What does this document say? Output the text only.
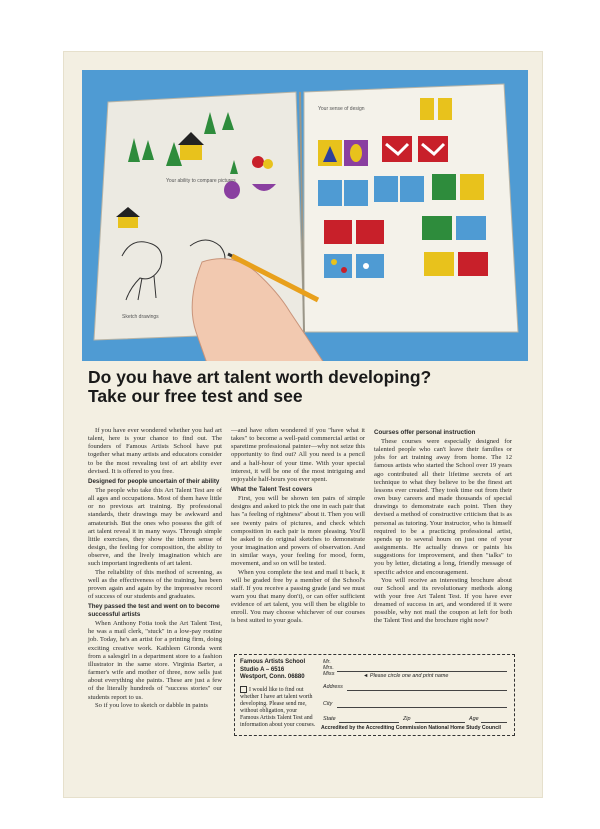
Your ability to compare pictures
Sketch drawings
Your sense of design
Do you have art talent worth developing?
Take our free test and see

If you have ever wondered whether you had art talent, here is your chance to find out. The founders of Famous Artists School have put together what many artists and educators consider to be the most revealing test of art ability ever devised. It is offered to you free.

Designed for people uncertain of their ability

The people who take this Art Talent Test are of all ages and occupations. Most of them have little or no previous art training. By professional standards, their drawings may be awkward and amateurish. But the ones who possess the gift of art talent reveal it in many ways. Through simple little exercises, they show the inborn sense of design, the feeling for composition, the ability to observe, and the lively imagination which are such important ingredients of art talent.

The reliability of this method of screening, as well as the effectiveness of the training, has been proven again and again by the impressive record of success of our students and graduates.

They passed the test and went on to become successful artists

When Anthony Fotia took the Art Talent Test, he was a mail clerk, "stuck" in a low-pay routine job. Today, he's an artist for a printing firm, doing exciting creative work. Kathleen Gironda went from a salesgirl in a department store to a fashion illustrator in the same store. Virginia Barter, a farmer's wife and mother of three, now sells just about everything she paints. These are just a few of the literally hundreds of "success stories" our students report to us.

So if you love to sketch or dabble in paints

—and have often wondered if you "have what it takes" to become a well-paid commercial artist or sparetime professional painter—why not seize this opportunity to find out? All you need is a pencil and a half-hour of your time. With your special interest, it will be one of the most intriguing and enjoyable half-hours you ever spent.

What the Talent Test covers

First, you will be shown ten pairs of simple designs and asked to pick the one in each pair that has "a feeling of rightness" about it. Then you will see twenty pairs of pictures, and check which composition in each pair is more pleasing. You'll be asked to do original sketches to demonstrate your imagination and powers of observation. And in similar ways, your feeling for mood, form, movement, and so on will be tested.

When you complete the test and mail it back, it will be graded free by a member of the School's staff. If you receive a passing grade (and we must warn you that many don't), or can offer sufficient evidence of art talent, you will then be eligible to enroll. You may choose whichever of our courses is best suited to your goals.

Courses offer personal instruction

These courses were especially designed for talented people who can't leave their families or jobs for art training away from home. The 12 famous artists who started the School over 19 years ago contributed all their lifetime secrets of art technique to what they believe to be the finest art lessons ever created. They took time out from their own busy careers and made thousands of special drawings to demonstrate each point. Then they devised a method of constructive criticism that is as personal as tutoring. Your instructor, who is himself required to be a practicing professional artist, spends up to several hours on just one of your assignments. He actually draws or paints his suggestions for improvement, and then "talks" to you by letter, dictating a long, friendly message of specific advice and encouragement.

You will receive an interesting brochure about our School and its revolutionary methods along with your free Art Talent Test. If you have ever dreamed of success in art, and wondered if it were possible, why not mail the coupon at left for both the Talent Test and the brochure right now?

Famous Artists School
Studio A – 6516
Westport, Conn. 06880
I would like to find out whether I have art talent worth developing. Please send me, without obligation, your Famous Artists Talent Test and information about your courses.
Mr.
Mrs.
Miss	◄ Please circle one and print name
Address
City
State	Zip	Age
Accredited by the Accrediting Commission National Home Study Council
